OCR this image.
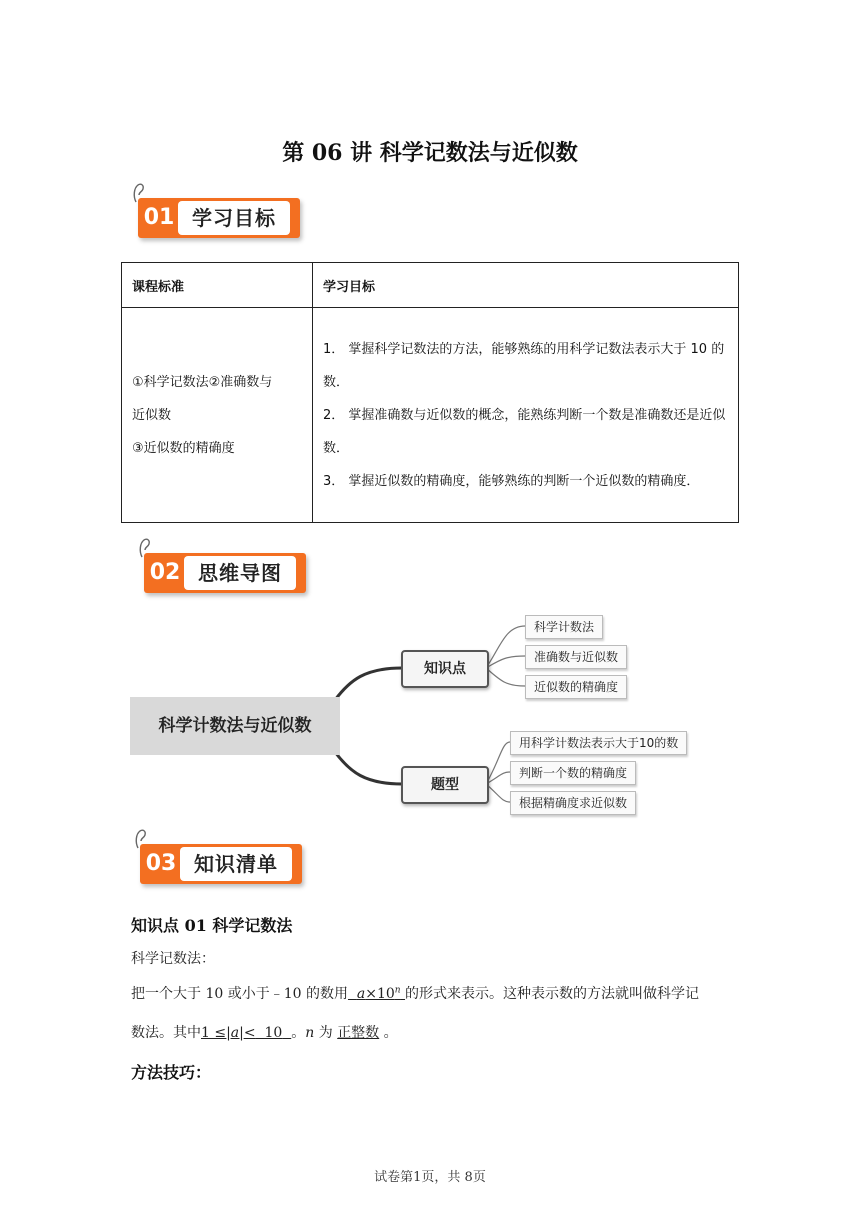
第 06 讲 科学记数法与近似数
01 学习目标
课程标准	学习目标

①科学记数法②准确数与
近似数
③近似数的精确度	1． 掌握科学记数法的方法，能够熟练的用科学记数法表示大于 10 的数．
2． 掌握准确数与近似数的概念，能熟练判断一个数是准确数还是近似数．
3． 掌握近似数的精确度，能够熟练的判断一个近似数的精确度．
02 思维导图
科学计数法与近似数
知识点
题型
科学计数法
准确数与近似数
近似数的精确度
用科学计数法表示大于10的数
判断一个数的精确度
根据精确度求近似数
03 知识清单
知识点 01 科学记数法
科学记数法：
把一个大于 10 或小于﹣10 的数用 $a\times 10^n$ 的形式来表示。这种表示数的方法就叫做科学记
数法。其中1 ≤|a|< 10 。n 为 正整数 。
方法技巧：
试卷第1页，共 8页
